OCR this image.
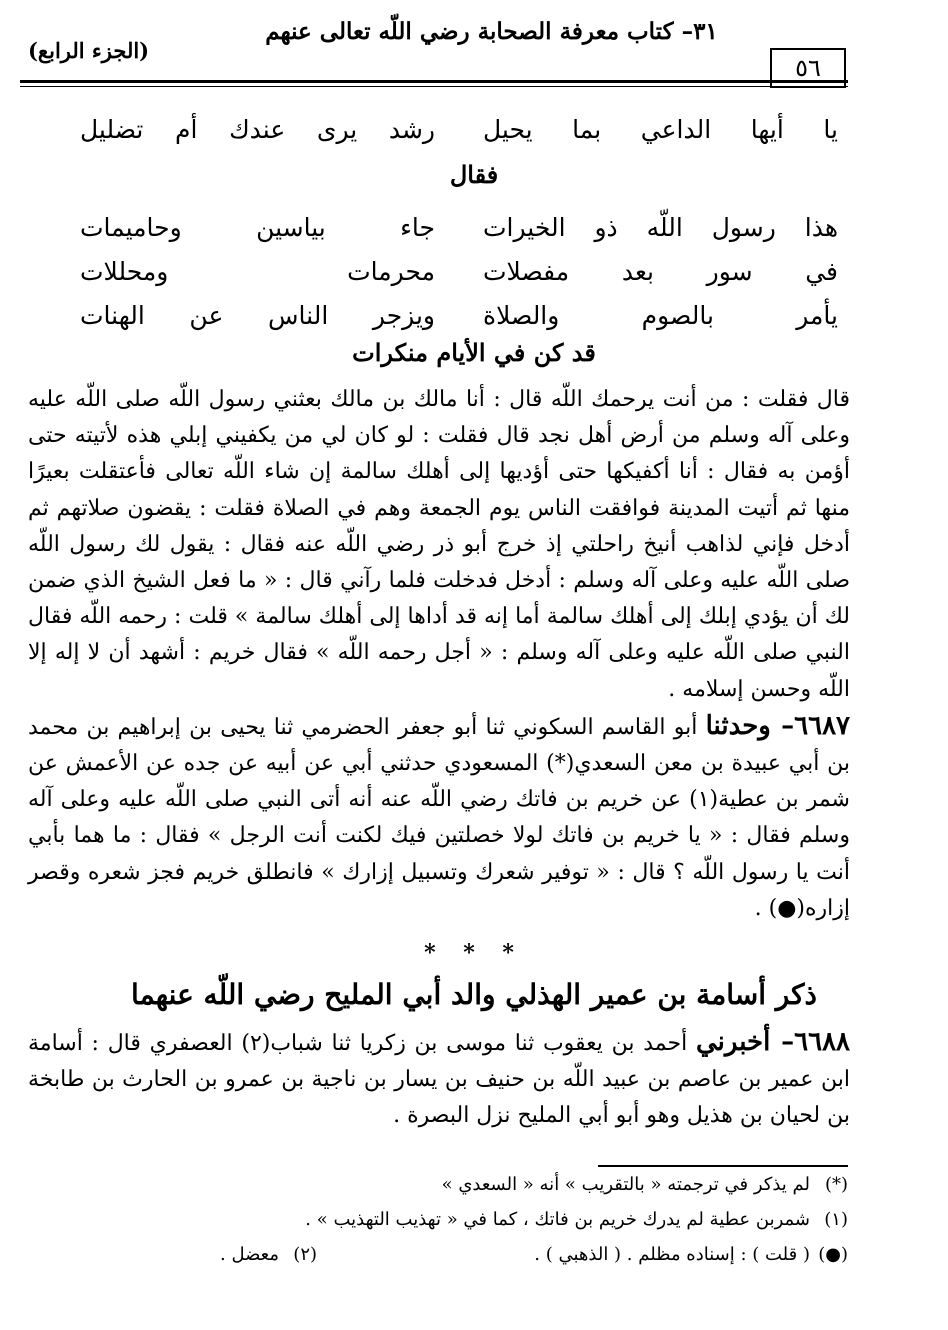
٣١– كتاب معرفة الصحابة رضي اللّه تعالى عنهم
(الجزء الرابع)
٥٦
يا أيها الداعي بما يحيل
رشد يرى عندك أم تضليل
فقال
هذا رسول اللّه ذو الخيرات
جاء بياسين وحاميمات
في سور بعد مفصلات
محرمات ومحللات
يأمر بالصوم والصلاة
ويزجر الناس عن الهنات
قد كن في الأيام منكرات

قال فقلت : من أنت يرحمك اللّه قال : أنا مالك بن مالك بعثني رسول اللّه صلى اللّه عليه وعلى آله وسلم من أرض أهل نجد قال فقلت : لو كان لي من يكفيني إبلي هذه لأتيته حتى أؤمن به فقال : أنا أكفيكها حتى أؤديها إلى أهلك سالمة إن شاء اللّه تعالى فأعتقلت بعيرًا منها ثم أتيت المدينة فوافقت الناس يوم الجمعة وهم في الصلاة فقلت : يقضون صلاتهم ثم أدخل فإني لذاهب أنيخ راحلتي إذ خرج أبو ذر رضي اللّه عنه فقال : يقول لك رسول اللّه صلى اللّه عليه وعلى آله وسلم : أدخل فدخلت فلما رآني قال : « ما فعل الشيخ الذي ضمن لك أن يؤدي إبلك إلى أهلك سالمة أما إنه قد أداها إلى أهلك سالمة » قلت : رحمه اللّه فقال النبي صلى اللّه عليه وعلى آله وسلم : « أجل رحمه اللّه » فقال خريم : أشهد أن لا إله إلا اللّه وحسن إسلامه .

٦٦٨٧– وحدثنا أبو القاسم السكوني ثنا أبو جعفر الحضرمي ثنا يحيى بن إبراهيم بن محمد بن أبي عبيدة بن معن السعدي(*) المسعودي حدثني أبي عن أبيه عن جده عن الأعمش عن شمر بن عطية(١) عن خريم بن فاتك رضي اللّه عنه أنه أتى النبي صلى اللّه عليه وعلى آله وسلم فقال : « يا خريم بن فاتك لولا خصلتين فيك لكنت أنت الرجل » فقال : ما هما بأبي أنت يا رسول اللّه ؟ قال : « توفير شعرك وتسبيل إزارك » فانطلق خريم فجز شعره وقصر إزاره(●) .

* * *
ذكر أسامة بن عمير الهذلي والد أبي المليح رضي اللّه عنهما

٦٦٨٨– أخبرني أحمد بن يعقوب ثنا موسى بن زكريا ثنا شباب(٢) العصفري قال : أسامة ابن عمير بن عاصم بن عبيد اللّه بن حنيف بن يسار بن ناجية بن عمرو بن الحارث بن طابخة بن لحيان بن هذيل وهو أبو أبي المليح نزل البصرة .

(*)لم يذكر في ترجمته « بالتقريب » أنه « السعدي »
(١)شمربن عطية لم يدرك خريم بن فاتك ، كما في « تهذيب التهذيب » .
(●)( قلت ) : إسناده مظلم . ( الذهبي ) .
(٢)معضل .
